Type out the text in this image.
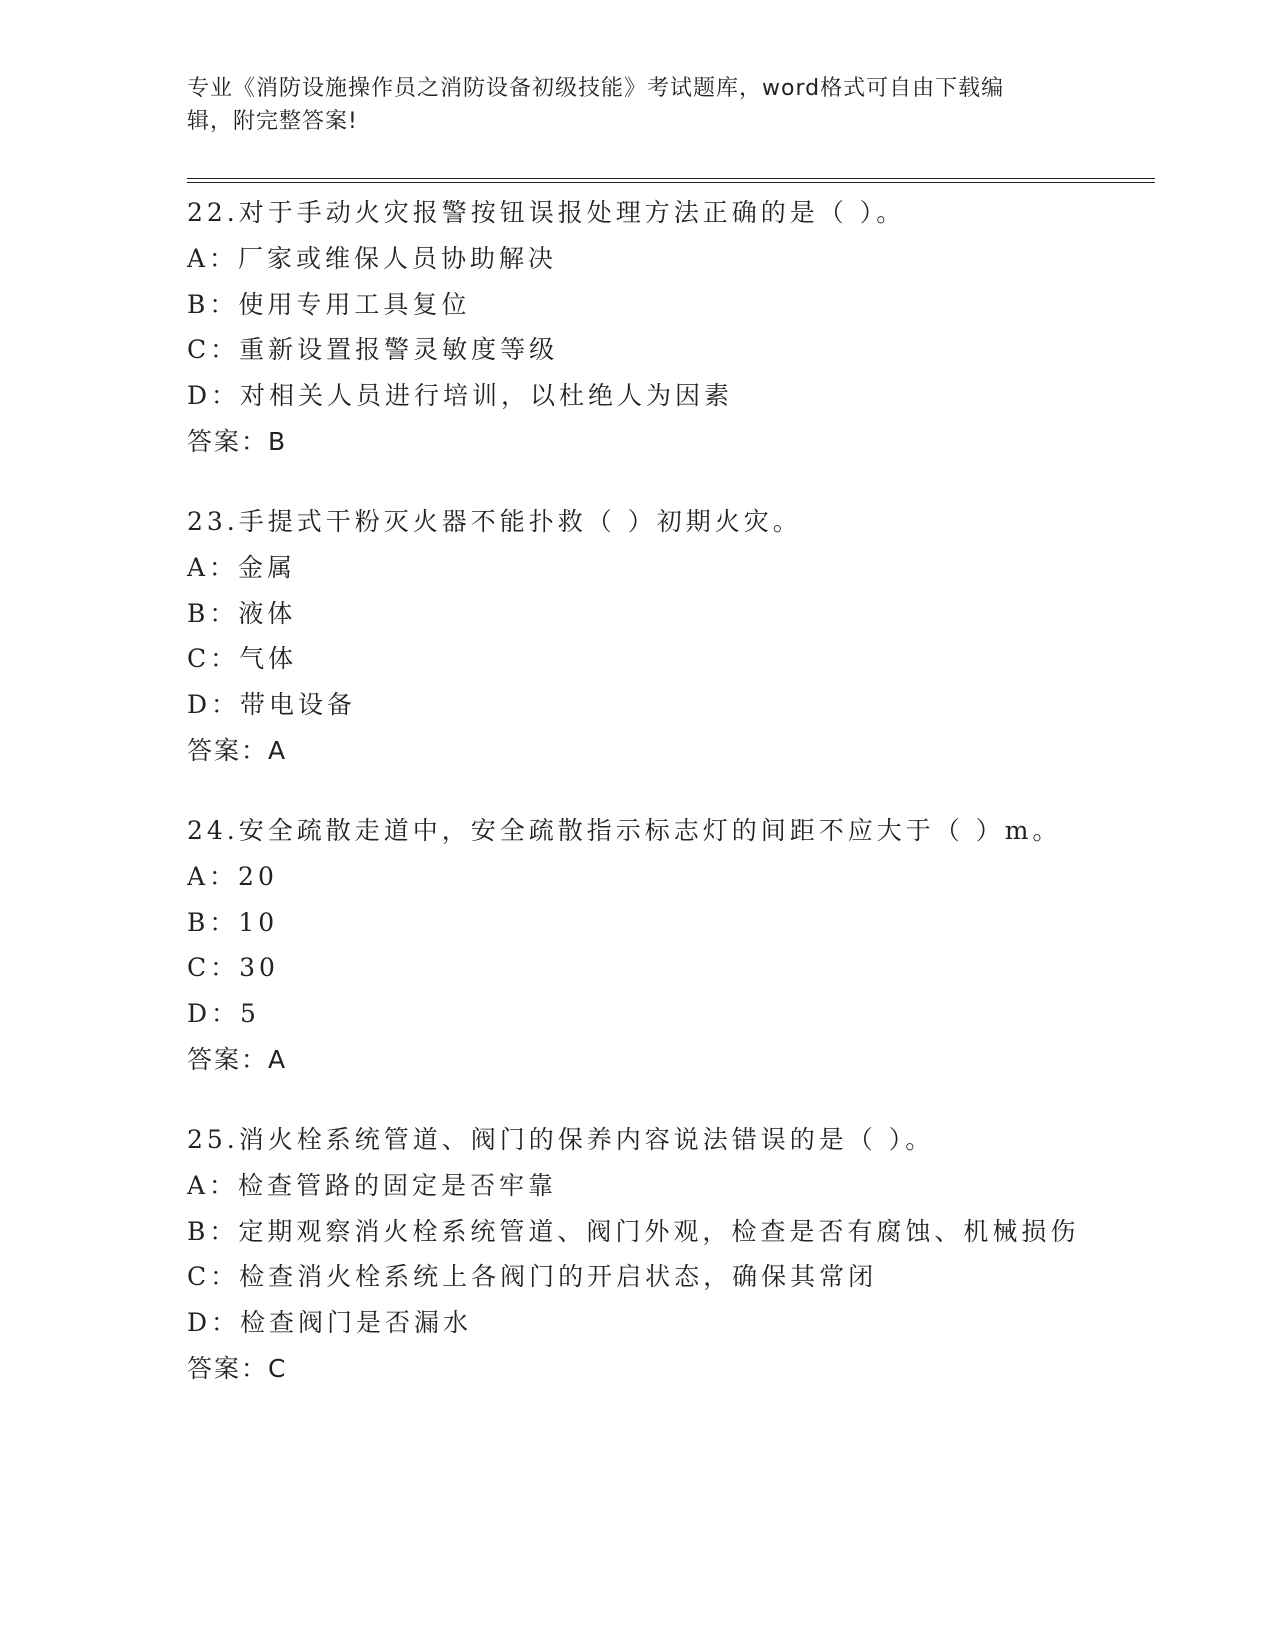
专业《消防设施操作员之消防设备初级技能》考试题库，word格式可自由下载编
辑，附完整答案!
22.对于手动火灾报警按钮误报处理方法正确的是（ ）。
A：厂家或维保人员协助解决
B：使用专用工具复位
C：重新设置报警灵敏度等级
D：对相关人员进行培训，以杜绝人为因素
答案：B
23.手提式干粉灭火器不能扑救（ ）初期火灾。
A：金属
B：液体
C：气体
D：带电设备
答案：A
24.安全疏散走道中，安全疏散指示标志灯的间距不应大于（ ）m。
A：20
B：10
C：30
D：5
答案：A
25.消火栓系统管道、阀门的保养内容说法错误的是（ ）。
A：检查管路的固定是否牢靠
B：定期观察消火栓系统管道、阀门外观，检查是否有腐蚀、机械损伤
C：检查消火栓系统上各阀门的开启状态，确保其常闭
D：检查阀门是否漏水
答案：C
